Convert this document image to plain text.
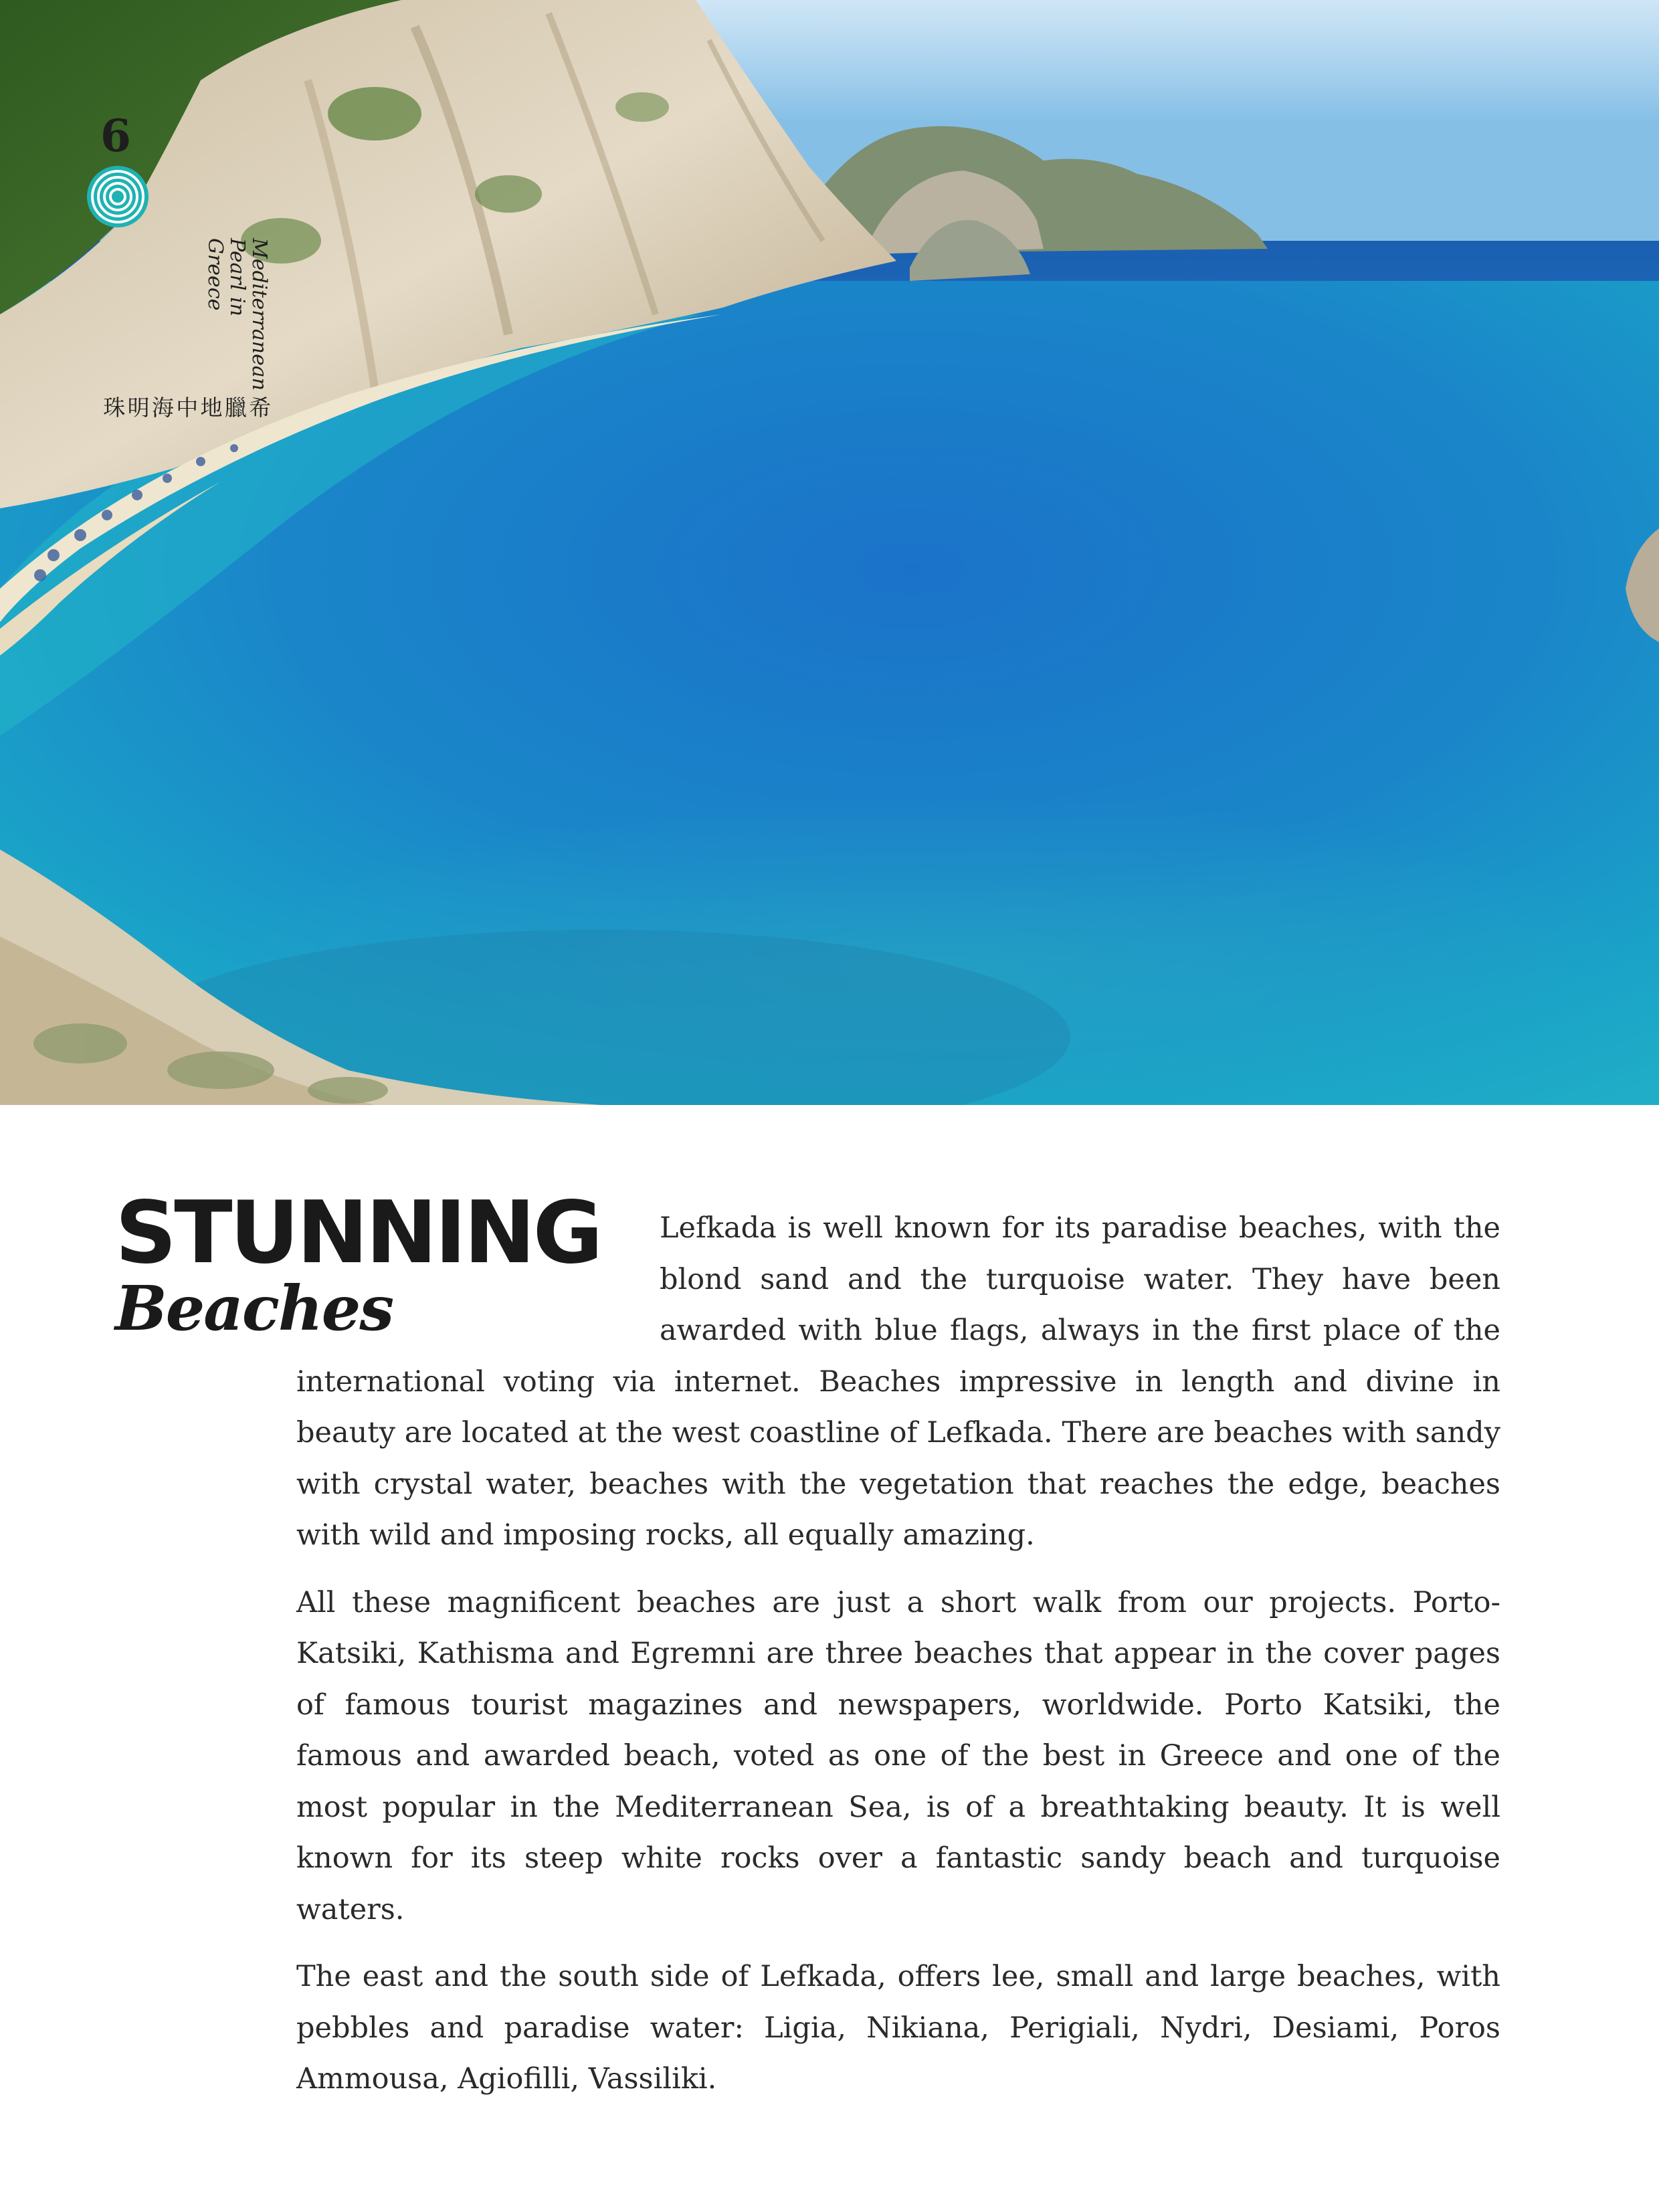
6
希臘地中海明珠
Mediterranean Pearl in Greece
STUNNING
Beaches

Lefkada is well known for its paradise beaches, with the blond sand and the turquoise water. They have been awarded with blue flags, always in the first place of the international voting via internet. Beaches impressive in length and divine in beauty are located at the west coastline of Lefkada. There are beaches with sandy with crystal water, beaches with the vegetation that reaches the edge, beaches with wild and imposing rocks, all equally amazing.

All these magnificent beaches are just a short walk from our projects. Porto- Katsiki, Kathisma and Egremni are three beaches that appear in the cover pages of famous tourist magazines and newspapers, worldwide. Porto Katsiki, the famous and awarded beach, voted as one of the best in Greece and one of the most popular in the Mediterranean Sea, is of a breathtaking beauty. It is well known for its steep white rocks over a fantastic sandy beach and turquoise waters.

The east and the south side of Lefkada, offers lee, small and large beaches, with pebbles and paradise water: Ligia, Nikiana, Perigiali, Nydri, Desiami, Poros Ammousa, Agiofilli, Vassiliki.
